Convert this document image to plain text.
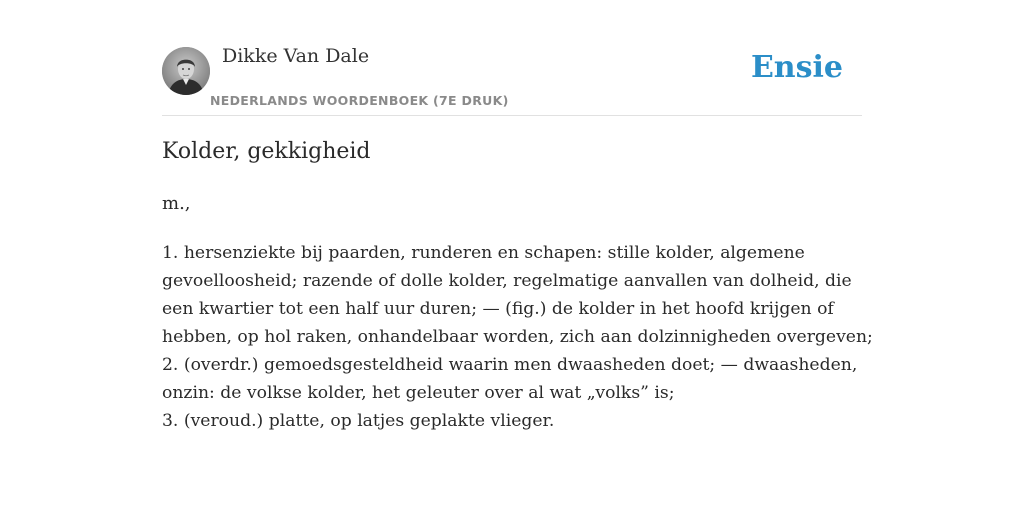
Dikke Van Dale
NEDERLANDS WOORDENBOEK (7E DRUK)
Ensie
Kolder, gekkigheid
m.,

1. hersenziekte bij paarden, runderen en schapen: stille kolder, algemene

gevoelloosheid; razende of dolle kolder, regelmatige aanvallen van dolheid, die

een kwartier tot een half uur duren; — (fig.) de kolder in het hoofd krijgen of

hebben, op hol raken, onhandelbaar worden, zich aan dolzinnigheden overgeven;

2. (overdr.) gemoedsgesteldheid waarin men dwaasheden doet; — dwaasheden,

onzin: de volkse kolder, het geleuter over al wat „volks” is;

3. (veroud.) platte, op latjes geplakte vlieger.
